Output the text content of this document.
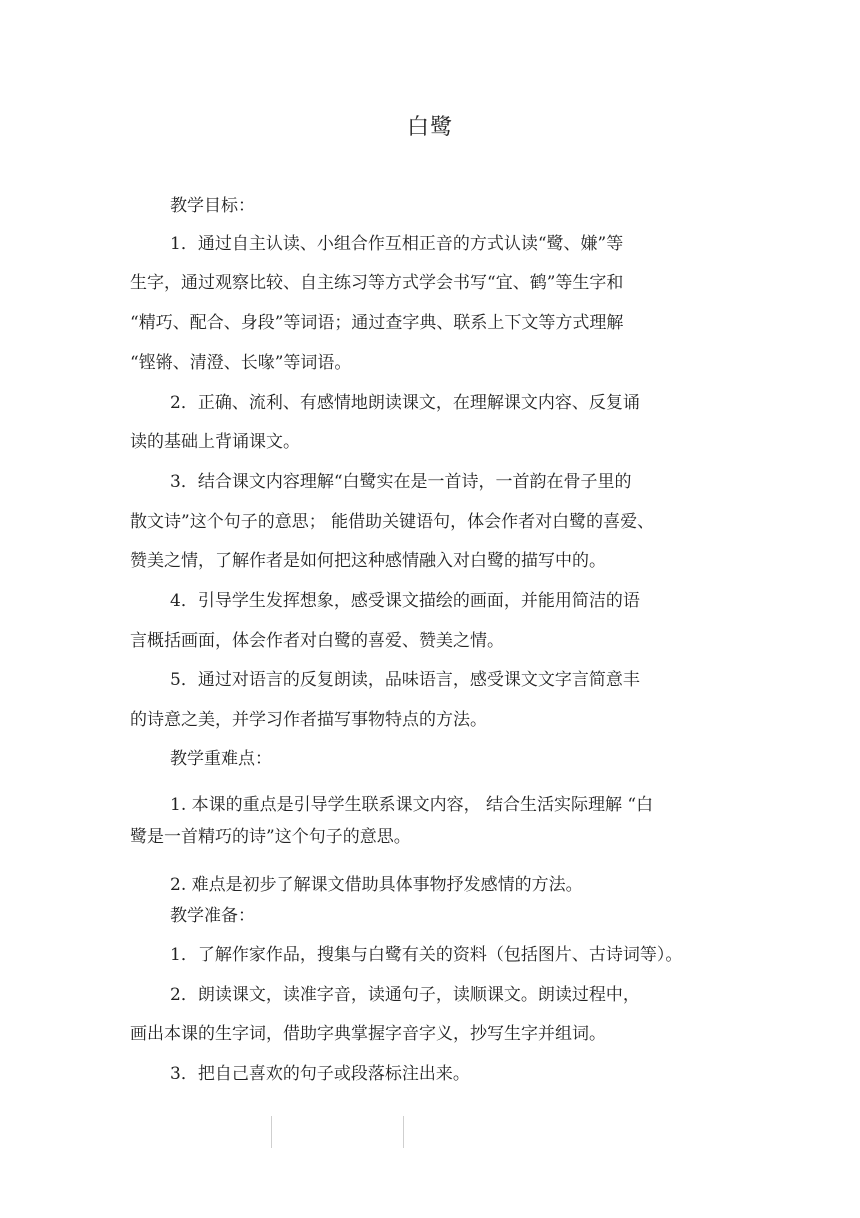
白鹭
教学目标：
1．通过自主认读、小组合作互相正音的方式认读“鹭、嫌”等
生字，通过观察比较、自主练习等方式学会书写“宜、鹤”等生字和
“精巧、配合、身段”等词语；通过查字典、联系上下文等方式理解
“铿锵、清澄、长喙”等词语。
2．正确、流利、有感情地朗读课文，在理解课文内容、反复诵
读的基础上背诵课文。
3．结合课文内容理解“白鹭实在是一首诗，一首韵在骨子里的
散文诗”这个句子的意思； 能借助关键语句，体会作者对白鹭的喜爱、
赞美之情，了解作者是如何把这种感情融入对白鹭的描写中的。
4．引导学生发挥想象，感受课文描绘的画面，并能用简洁的语
言概括画面，体会作者对白鹭的喜爱、赞美之情。
5．通过对语言的反复朗读，品味语言，感受课文文字言简意丰
的诗意之美，并学习作者描写事物特点的方法。
教学重难点：
1. 本课的重点是引导学生联系课文内容， 结合生活实际理解 “白
鹭是一首精巧的诗”这个句子的意思。
2. 难点是初步了解课文借助具体事物抒发感情的方法。
教学准备：
1．了解作家作品，搜集与白鹭有关的资料（包括图片、古诗词等）。
2．朗读课文，读准字音，读通句子，读顺课文。朗读过程中，
画出本课的生字词，借助字典掌握字音字义，抄写生字并组词。
3．把自己喜欢的句子或段落标注出来。
